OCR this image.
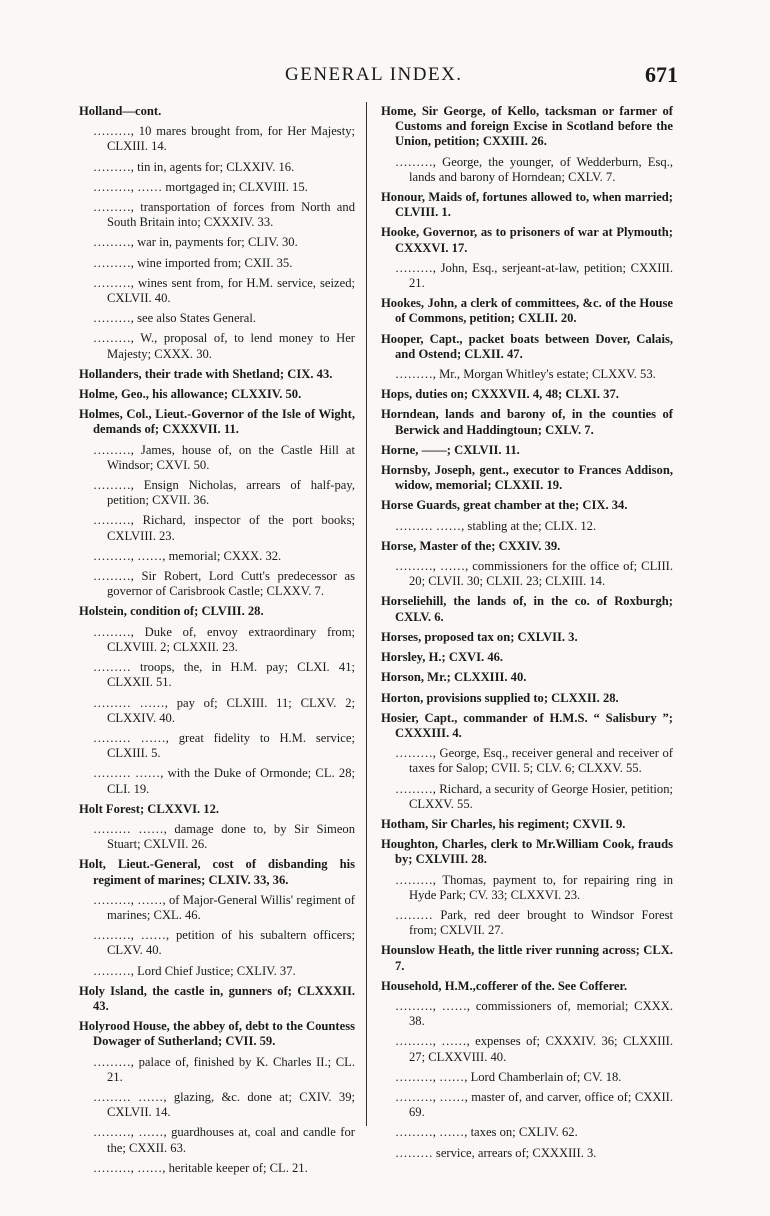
GENERAL INDEX.	671
Holland—cont.
………, 10 mares brought from, for Her Majesty; CLXIII. 14.
………, tin in, agents for; CLXXIV. 16.
………, …… mortgaged in; CLXVIII. 15.
………, transportation of forces from North and South Britain into; CXXXIV. 33.
………, war in, payments for; CLIV. 30.
………, wine imported from; CXII. 35.
………, wines sent from, for H.M. service, seized; CXLVII. 40.
………, see also States General.
………, W., proposal of, to lend money to Her Majesty; CXXX. 30.
Hollanders, their trade with Shetland; CIX. 43.
Holme, Geo., his allowance; CLXXIV. 50.
Holmes, Col., Lieut.-Governor of the Isle of Wight, demands of; CXXXVII. 11.
………, James, house of, on the Castle Hill at Windsor; CXVI. 50.
………, Ensign Nicholas, arrears of half-pay, petition; CXVII. 36.
………, Richard, inspector of the port books; CXLVIII. 23.
………, ……, memorial; CXXX. 32.
………, Sir Robert, Lord Cutt's predecessor as governor of Carisbrook Castle; CLXXV. 7.
Holstein, condition of; CLVIII. 28.
………, Duke of, envoy extraordinary from; CLXVIII. 2; CLXXII. 23.
……… troops, the, in H.M. pay; CLXI. 41; CLXXII. 51.
……… ……, pay of; CLXIII. 11; CLXV. 2; CLXXIV. 40.
……… ……, great fidelity to H.M. service; CLXIII. 5.
……… ……, with the Duke of Ormonde; CL. 28; CLI. 19.
Holt Forest; CLXXVI. 12.
……… ……, damage done to, by Sir Simeon Stuart; CXLVII. 26.
Holt, Lieut.-General, cost of disbanding his regiment of marines; CLXIV. 33, 36.
………, ……, of Major-General Willis' regiment of marines; CXL. 46.
………, ……, petition of his subaltern officers; CLXV. 40.
………, Lord Chief Justice; CXLIV. 37.
Holy Island, the castle in, gunners of; CLXXXII. 43.
Holyrood House, the abbey of, debt to the Countess Dowager of Sutherland; CVII. 59.
………, palace of, finished by K. Charles II.; CL. 21.
……… ……, glazing, &c. done at; CXIV. 39; CXLVII. 14.
………, ……, guardhouses at, coal and candle for the; CXXII. 63.
………, ……, heritable keeper of; CL. 21.
Home, Sir George, of Kello, tacksman or farmer of Customs and foreign Excise in Scotland before the Union, petition; CXXIII. 26.
………, George, the younger, of Wedderburn, Esq., lands and barony of Horndean; CXLV. 7.
Honour, Maids of, fortunes allowed to, when married; CLVIII. 1.
Hooke, Governor, as to prisoners of war at Plymouth; CXXXVI. 17.
………, John, Esq., serjeant-at-law, petition; CXXIII. 21.
Hookes, John, a clerk of committees, &c. of the House of Commons, petition; CXLII. 20.
Hooper, Capt., packet boats between Dover, Calais, and Ostend; CLXII. 47.
………, Mr., Morgan Whitley's estate; CLXXV. 53.
Hops, duties on; CXXXVII. 4, 48; CLXI. 37.
Horndean, lands and barony of, in the counties of Berwick and Haddingtoun; CXLV. 7.
Horne, ——; CXLVII. 11.
Hornsby, Joseph, gent., executor to Frances Addison, widow, memorial; CLXXII. 19.
Horse Guards, great chamber at the; CIX. 34.
……… ……, stabling at the; CLIX. 12.
Horse, Master of the; CXXIV. 39.
………, ……, commissioners for the office of; CLIII. 20; CLVII. 30; CLXII. 23; CLXIII. 14.
Horseliehill, the lands of, in the co. of Roxburgh; CXLV. 6.
Horses, proposed tax on; CXLVII. 3.
Horsley, H.; CXVI. 46.
Horson, Mr.; CLXXIII. 40.
Horton, provisions supplied to; CLXXII. 28.
Hosier, Capt., commander of H.M.S. “ Salisbury ”; CXXXIII. 4.
………, George, Esq., receiver general and receiver of taxes for Salop; CVII. 5; CLV. 6; CLXXV. 55.
………, Richard, a security of George Hosier, petition; CLXXV. 55.
Hotham, Sir Charles, his regiment; CXVII. 9.
Houghton, Charles, clerk to Mr.William Cook, frauds by; CXLVIII. 28.
………, Thomas, payment to, for repairing ring in Hyde Park; CV. 33; CLXXVI. 23.
……… Park, red deer brought to Windsor Forest from; CXLVII. 27.
Hounslow Heath, the little river running across; CLX. 7.
Household, H.M.,cofferer of the. See Cofferer.
………, ……, commissioners of, memorial; CXXX. 38.
………, ……, expenses of; CXXXIV. 36; CLXXIII. 27; CLXXVIII. 40.
………, ……, Lord Chamberlain of; CV. 18.
………, ……, master of, and carver, office of; CXXII. 69.
………, ……, taxes on; CXLIV. 62.
……… service, arrears of; CXXXIII. 3.
